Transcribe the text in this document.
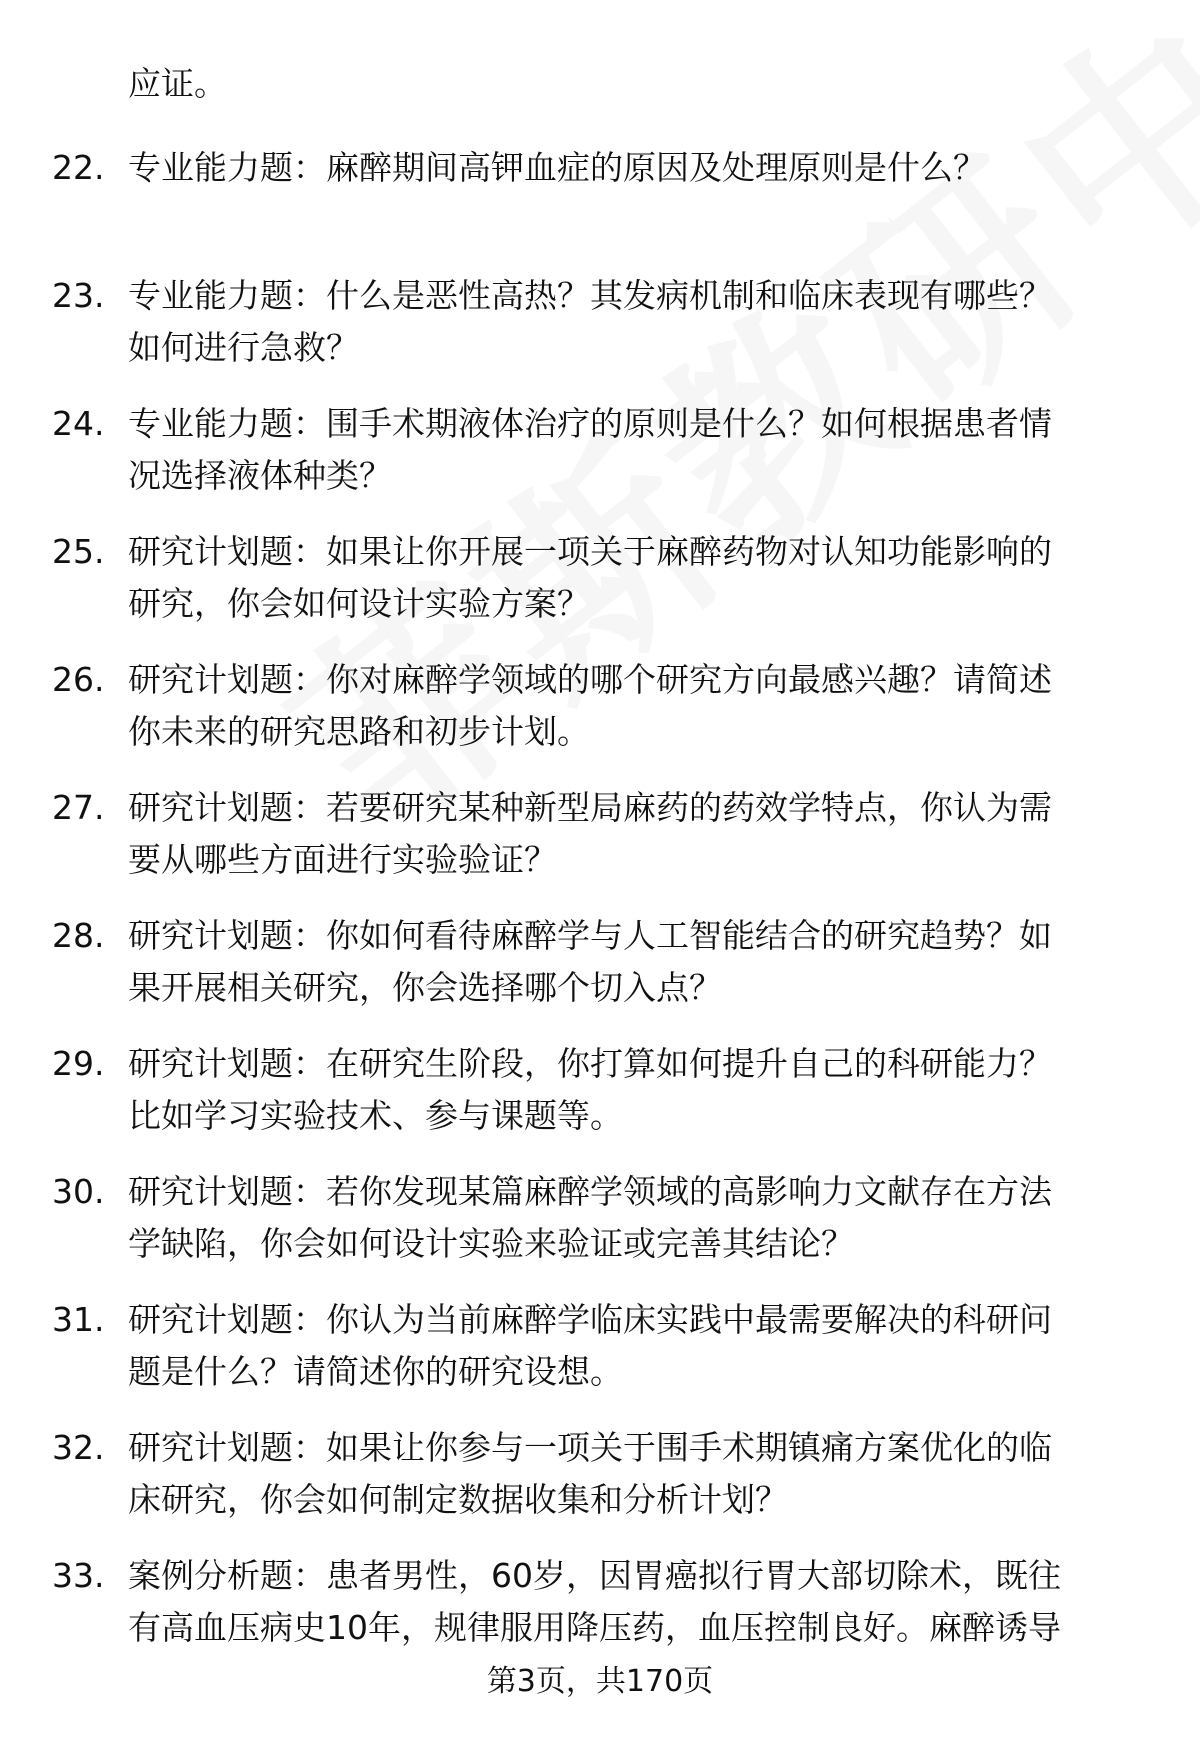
应证。
22. 专业能力题：麻醉期间高钾血症的原因及处理原则是什么？
23. 专业能力题：什么是恶性高热？其发病机制和临床表现有哪些？
如何进行急救？
24. 专业能力题：围手术期液体治疗的原则是什么？如何根据患者情
况选择液体种类？
25. 研究计划题：如果让你开展一项关于麻醉药物对认知功能影响的
研究，你会如何设计实验方案？
26. 研究计划题：你对麻醉学领域的哪个研究方向最感兴趣？请简述
你未来的研究思路和初步计划。
27. 研究计划题：若要研究某种新型局麻药的药效学特点，你认为需
要从哪些方面进行实验验证？
28. 研究计划题：你如何看待麻醉学与人工智能结合的研究趋势？如
果开展相关研究，你会选择哪个切入点？
29. 研究计划题：在研究生阶段，你打算如何提升自己的科研能力？
比如学习实验技术、参与课题等。
30. 研究计划题：若你发现某篇麻醉学领域的高影响力文献存在方法
学缺陷，你会如何设计实验来验证或完善其结论？
31. 研究计划题：你认为当前麻醉学临床实践中最需要解决的科研问
题是什么？请简述你的研究设想。
32. 研究计划题：如果让你参与一项关于围手术期镇痛方案优化的临
床研究，你会如何制定数据收集和分析计划？
33. 案例分析题：患者男性，60岁，因胃癌拟行胃大部切除术，既往
有高血压病史10年，规律服用降压药，血压控制良好。麻醉诱导
第3页，共170页
